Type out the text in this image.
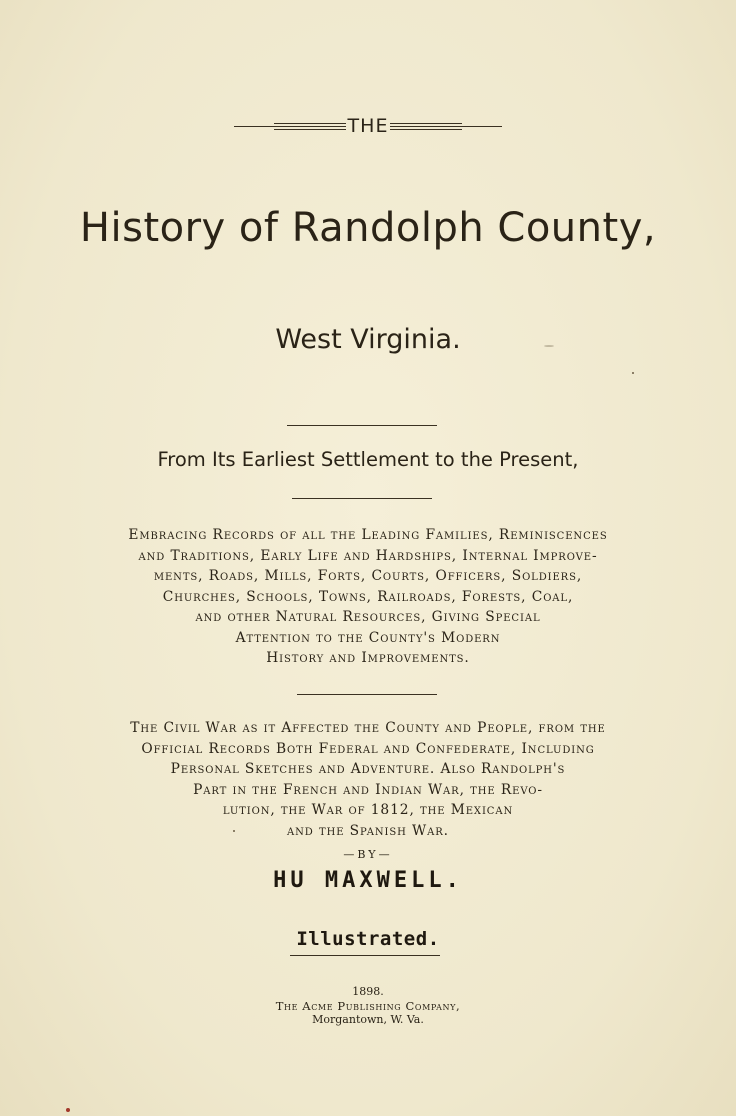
THE
History of Randolph County,
West Virginia.
From Its Earliest Settlement to the Present,
Embracing Records of all the Leading Families, Reminiscences
and Traditions, Early Life and Hardships, Internal Improve-
ments, Roads, Mills, Forts, Courts, Officers, Soldiers,
Churches, Schools, Towns, Railroads, Forests, Coal,
and other Natural Resources, Giving Special
Attention to the County's Modern
History and Improvements.
The Civil War as it Affected the County and People, from the
Official Records Both Federal and Confederate, Including
Personal Sketches and Adventure. Also Randolph's
Part in the French and Indian War, the Revo-
lution, the War of 1812, the Mexican
and the Spanish War.
—BY—
HU MAXWELL.
Illustrated.
1898.
The Acme Publishing Company,
Morgantown, W. Va.
